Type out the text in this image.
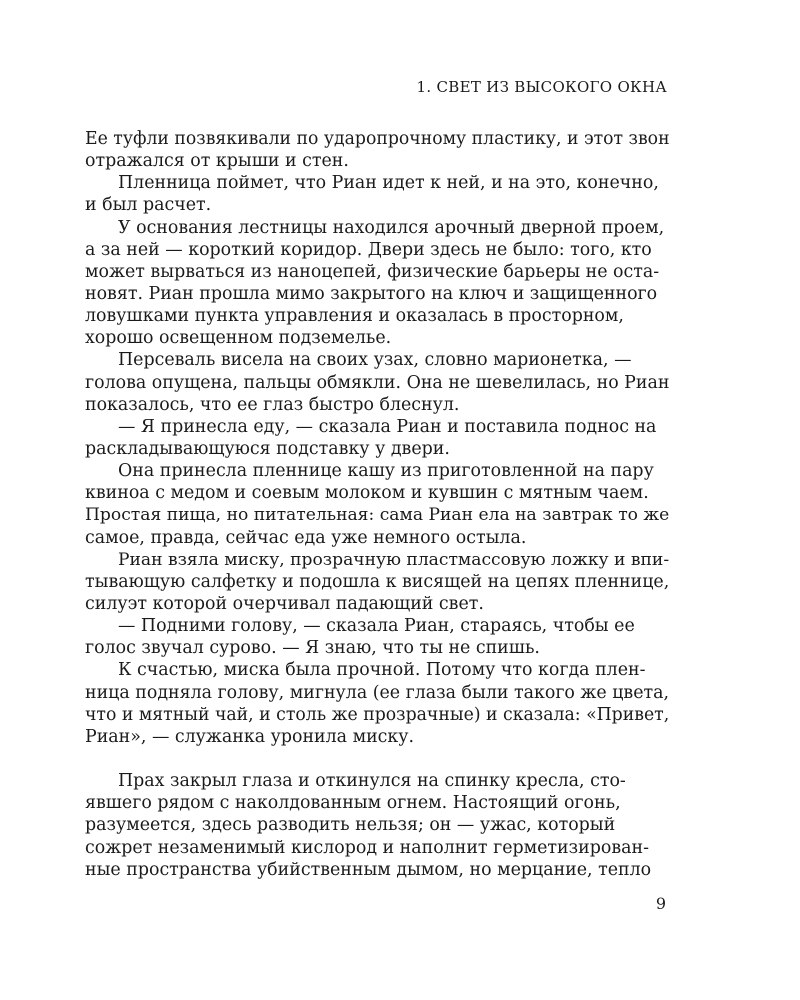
1. СВЕТ ИЗ ВЫСОКОГО ОКНА
Ее туфли позвякивали по ударопрочному пластику, и этот звон
отражался от крыши и стен.
Пленница поймет, что Риан идет к ней, и на это, конечно,
и был расчет.
У основания лестницы находился арочный дверной проем,
а за ней — короткий коридор. Двери здесь не было: того, кто
может вырваться из наноцепей, физические барьеры не оста-
новят. Риан прошла мимо закрытого на ключ и защищенного
ловушками пункта управления и оказалась в просторном,
хорошо освещенном подземелье.
Персеваль висела на своих узах, словно марионетка, —
голова опущена, пальцы обмякли. Она не шевелилась, но Риан
показалось, что ее глаз быстро блеснул.
— Я принесла еду, — сказала Риан и поставила поднос на
раскладывающуюся подставку у двери.
Она принесла пленнице кашу из приготовленной на пару
квиноа с медом и соевым молоком и кувшин с мятным чаем.
Простая пища, но питательная: сама Риан ела на завтрак то же
самое, правда, сейчас еда уже немного остыла.
Риан взяла миску, прозрачную пластмассовую ложку и впи-
тывающую салфетку и подошла к висящей на цепях пленнице,
силуэт которой очерчивал падающий свет.
— Подними голову, — сказала Риан, стараясь, чтобы ее
голос звучал сурово. — Я знаю, что ты не спишь.
К счастью, миска была прочной. Потому что когда плен-
ница подняла голову, мигнула (ее глаза были такого же цвета,
что и мятный чай, и столь же прозрачные) и сказала: «Привет,
Риан», — служанка уронила миску.
Прах закрыл глаза и откинулся на спинку кресла, сто-
явшего рядом с наколдованным огнем. Настоящий огонь,
разумеется, здесь разводить нельзя; он — ужас, который
сожрет незаменимый кислород и наполнит герметизирован-
ные пространства убийственным дымом, но мерцание, тепло
9
